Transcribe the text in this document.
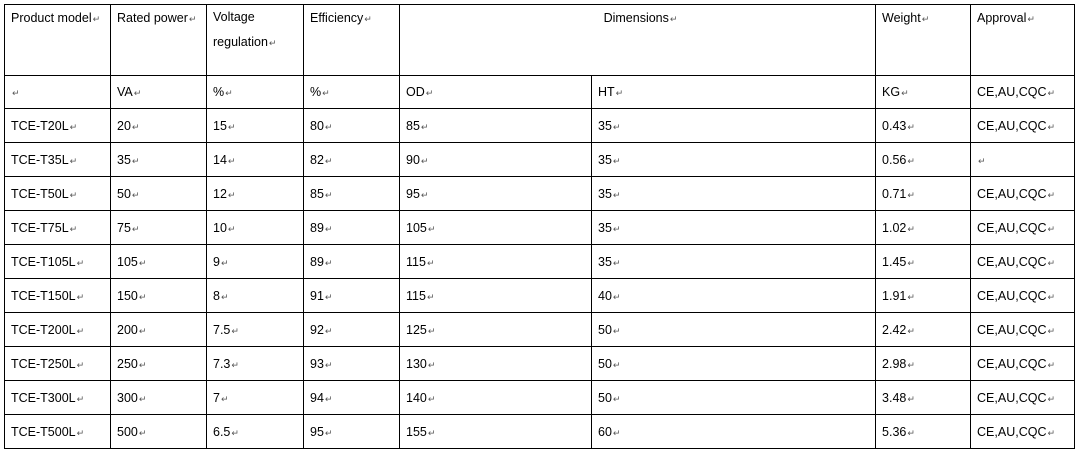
Product model↵	Rated power↵	Voltage regulation↵	Efficiency↵	Dimensions↵		Weight↵	Approval↵
↵	VA↵	%↵	%↵	OD↵	HT↵	KG↵	CE,AU,CQC↵
TCE-T20L↵	20↵	15↵	80↵	85↵	35↵	0.43↵	CE,AU,CQC↵
TCE-T35L↵	35↵	14↵	82↵	90↵	35↵	0.56↵	↵
TCE-T50L↵	50↵	12↵	85↵	95↵	35↵	0.71↵	CE,AU,CQC↵
TCE-T75L↵	75↵	10↵	89↵	105↵	35↵	1.02↵	CE,AU,CQC↵
TCE-T105L↵	105↵	9↵	89↵	115↵	35↵	1.45↵	CE,AU,CQC↵
TCE-T150L↵	150↵	8↵	91↵	115↵	40↵	1.91↵	CE,AU,CQC↵
TCE-T200L↵	200↵	7.5↵	92↵	125↵	50↵	2.42↵	CE,AU,CQC↵
TCE-T250L↵	250↵	7.3↵	93↵	130↵	50↵	2.98↵	CE,AU,CQC↵
TCE-T300L↵	300↵	7↵	94↵	140↵	50↵	3.48↵	CE,AU,CQC↵
TCE-T500L↵	500↵	6.5↵	95↵	155↵	60↵	5.36↵	CE,AU,CQC↵
